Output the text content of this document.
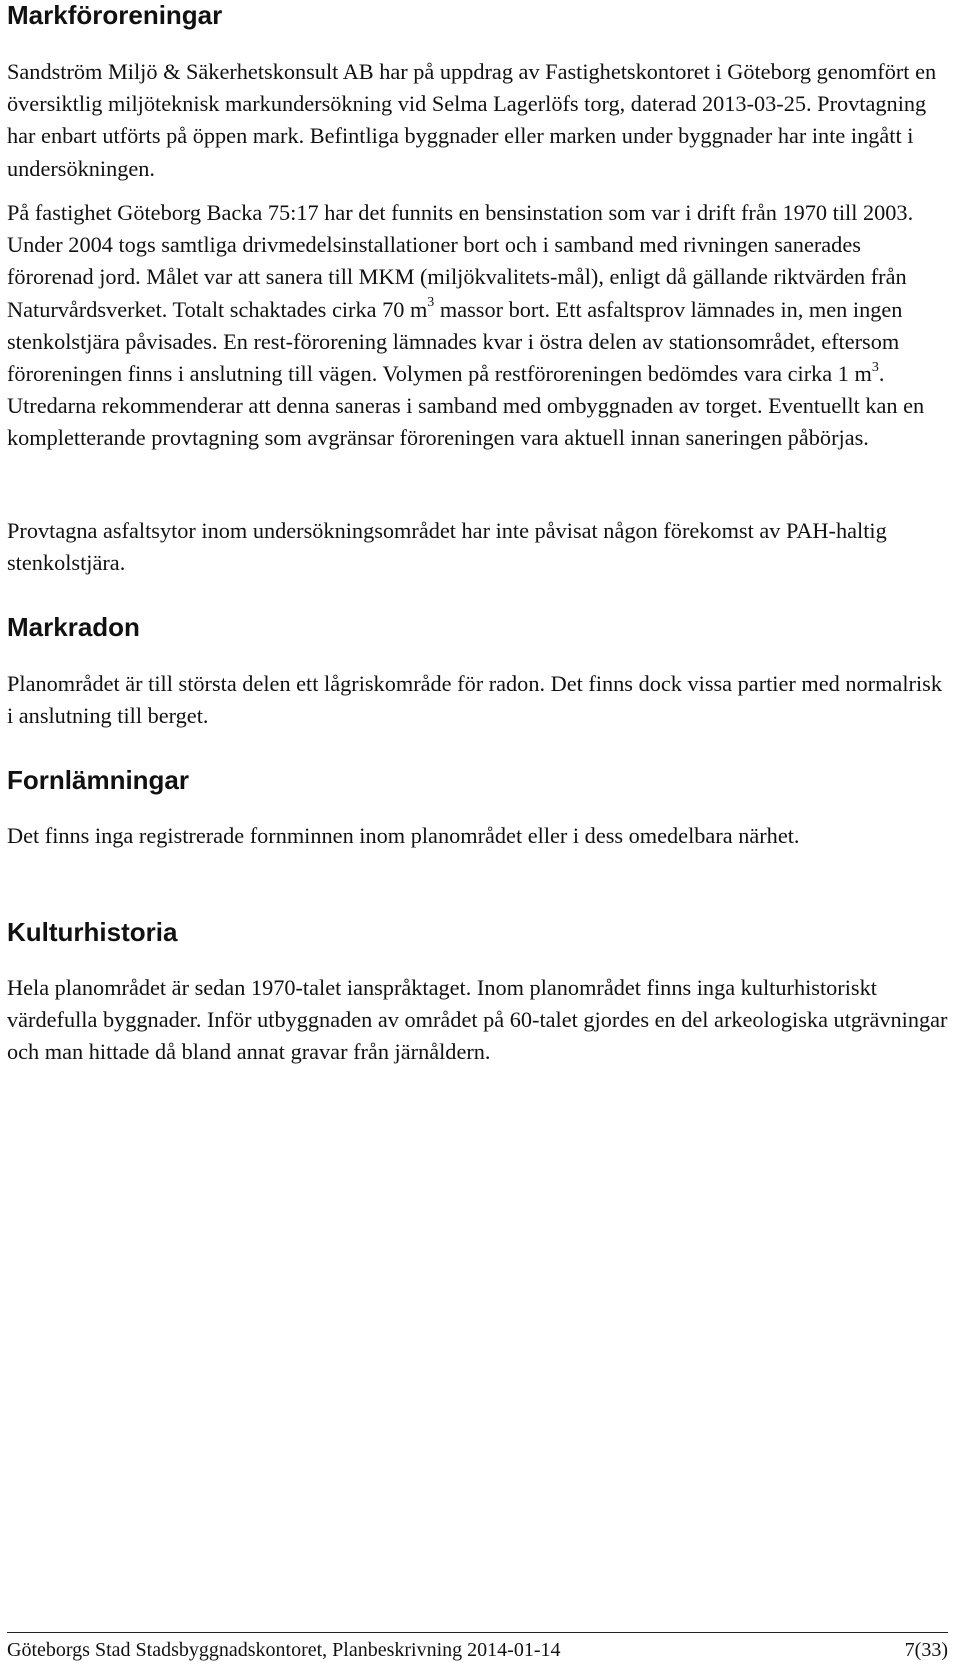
Markföroreningar

Sandström Miljö & Säkerhetskonsult AB har på uppdrag av Fastighetskontoret i Göteborg genomfört en översiktlig miljöteknisk markundersökning vid Selma Lagerlöfs torg, daterad 2013-03-25. Provtagning har enbart utförts på öppen mark. Befintliga byggnader eller marken under byggnader har inte ingått i undersökningen.

På fastighet Göteborg Backa 75:17 har det funnits en bensinstation som var i drift från 1970 till 2003. Under 2004 togs samtliga drivmedelsinstallationer bort och i samband med rivningen sanerades förorenad jord. Målet var att sanera till MKM (miljökvalitets-mål), enligt då gällande riktvärden från Naturvårdsverket. Totalt schaktades cirka 70 $m^3$ massor bort. Ett asfaltsprov lämnades in, men ingen stenkolstjära påvisades. En rest-förorening lämnades kvar i östra delen av stationsområdet, eftersom föroreningen finns i anslutning till vägen. Volymen på restföroreningen bedömdes vara cirka 1 $m^3$. Utredarna rekommenderar att denna saneras i samband med ombyggnaden av torget. Eventuellt kan en kompletterande provtagning som avgränsar föroreningen vara aktuell innan saneringen påbörjas.

Provtagna asfaltsytor inom undersökningsområdet har inte påvisat någon förekomst av PAH-haltig stenkolstjära.

Markradon

Planområdet är till största delen ett lågriskområde för radon. Det finns dock vissa partier med normalrisk i anslutning till berget.

Fornlämningar

Det finns inga registrerade fornminnen inom planområdet eller i dess omedelbara närhet.

Kulturhistoria

Hela planområdet är sedan 1970-talet ianspråktaget. Inom planområdet finns inga kulturhistoriskt värdefulla byggnader. Inför utbyggnaden av området på 60-talet gjordes en del arkeologiska utgrävningar och man hittade då bland annat gravar från järnåldern.

Göteborgs Stad Stadsbyggnadskontoret, Planbeskrivning 2014-01-14	7(33)
